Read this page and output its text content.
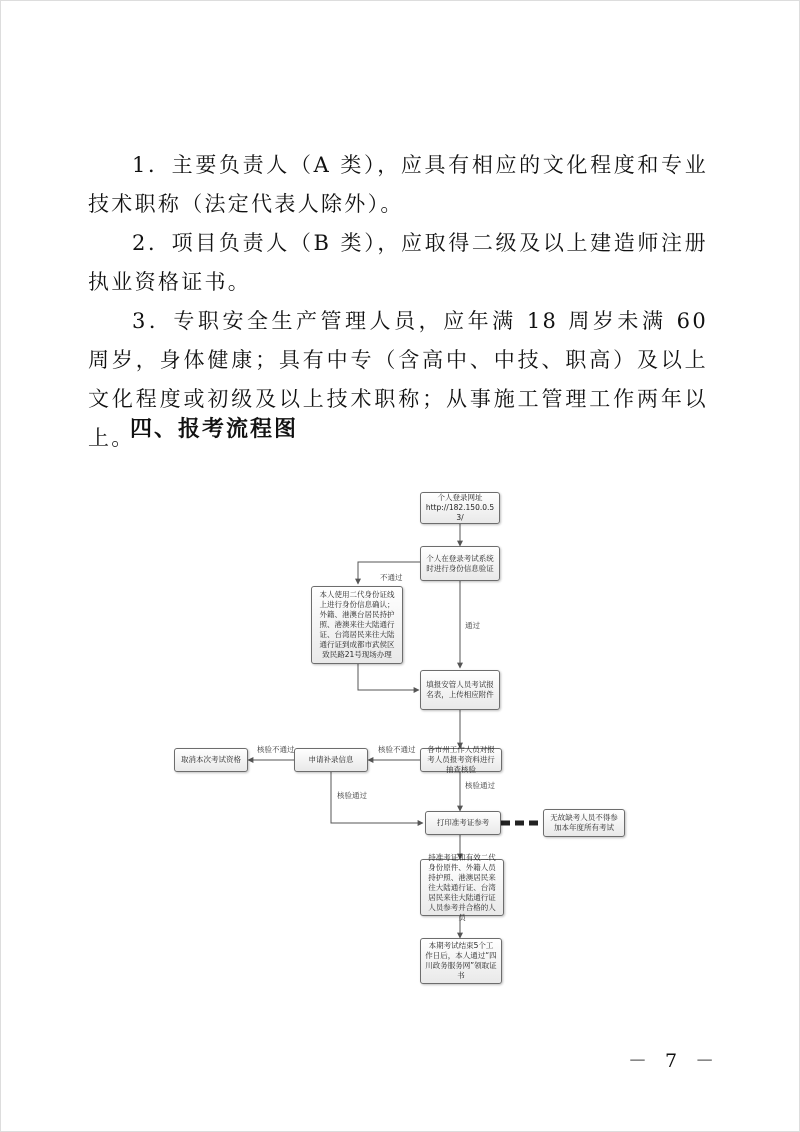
1．主要负责人（A 类），应具有相应的文化程度和专业技术职称（法定代表人除外）。

2．项目负责人（B 类），应取得二级及以上建造师注册执业资格证书。

3．专职安全生产管理人员，应年满 18 周岁未满 60 周岁，身体健康；具有中专（含高中、中技、职高）及以上文化程度或初级及以上技术职称；从事施工管理工作两年以上。

四、报考流程图
个人登录网址
http://182.150.0.53/
个人在登录考试系统时进行身份信息验证
本人使用二代身份证线上进行身份信息确认；外籍、港澳台居民持护照、港澳来往大陆通行证、台湾居民来往大陆通行证到成都市武侯区致民路21号现场办理
填报安管人员考试报名表，上传相应附件
各市州工作人员对报考人员报考资料进行抽查核验
申请补录信息
取消本次考试资格
打印准考证参考
无故缺考人员不得参加本年度所有考试
持准考证和有效二代身份原件、外籍人员持护照、港澳居民来往大陆通行证、台湾居民来往大陆通行证人员参考并合格的人员
本期考试结束5个工作日后，本人通过“四川政务服务网”领取证书
不通过
通过
核验不通过
核验不通过
核验通过
核验通过
－ 7 －
